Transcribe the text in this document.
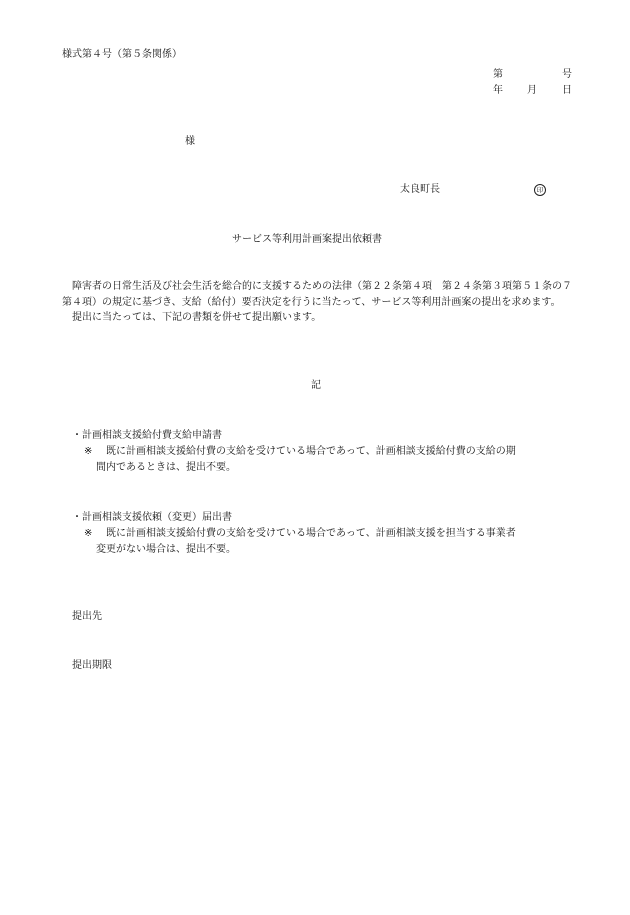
様式第４号（第５条関係）
第	号
年 月	日
様
太良町長	印
サービス等利用計画案提出依頼書

障害者の日常生活及び社会生活を総合的に支援するための法律（第２２条第４項　第２４条第３項第５１条の７第４項）の規定に基づき、支給（給付）要否決定を行うに当たって、サービス等利用計画案の提出を求めます。

提出に当たっては、下記の書類を併せて提出願います。

記
・計画相談支援給付費支給申請書
※ 既に計画相談支援給付費の支給を受けている場合であって、計画相談支援給付費の支給の期
間内であるときは、提出不要。
・計画相談支援依頼（変更）届出書
※ 既に計画相談支援給付費の支給を受けている場合であって、計画相談支援を担当する事業者
変更がない場合は、提出不要。
提出先
提出期限
